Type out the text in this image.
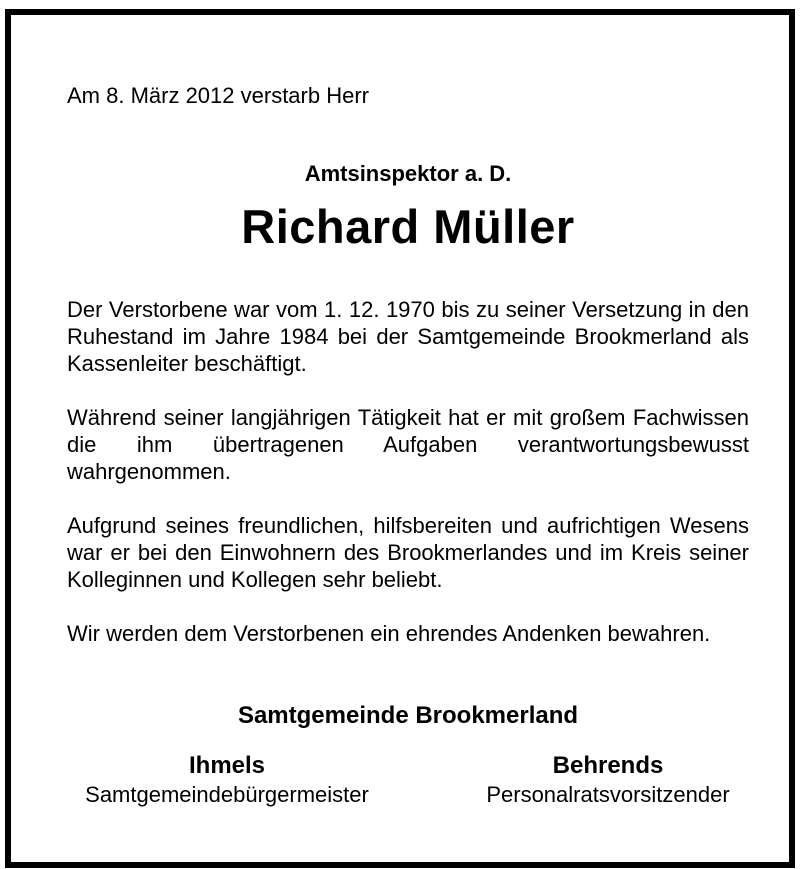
Am 8. März 2012 verstarb Herr
Amtsinspektor a. D.
Richard Müller
Der Verstorbene war vom 1. 12. 1970 bis zu seiner Versetzung in den Ruhestand im Jahre 1984 bei der Samtgemeinde Brookmerland als Kassenleiter beschäftigt.
Während seiner langjährigen Tätigkeit hat er mit großem Fachwissen die ihm übertragenen Aufgaben verantwortungsbewusst wahrgenommen.
Aufgrund seines freundlichen, hilfsbereiten und aufrichtigen Wesens war er bei den Einwohnern des Brookmerlandes und im Kreis seiner Kolleginnen und Kollegen sehr beliebt.
Wir werden dem Verstorbenen ein ehrendes Andenken bewahren.
Samtgemeinde Brookmerland
Ihmels
Samtgemeindebürgermeister
Behrends
Personalratsvorsitzender
